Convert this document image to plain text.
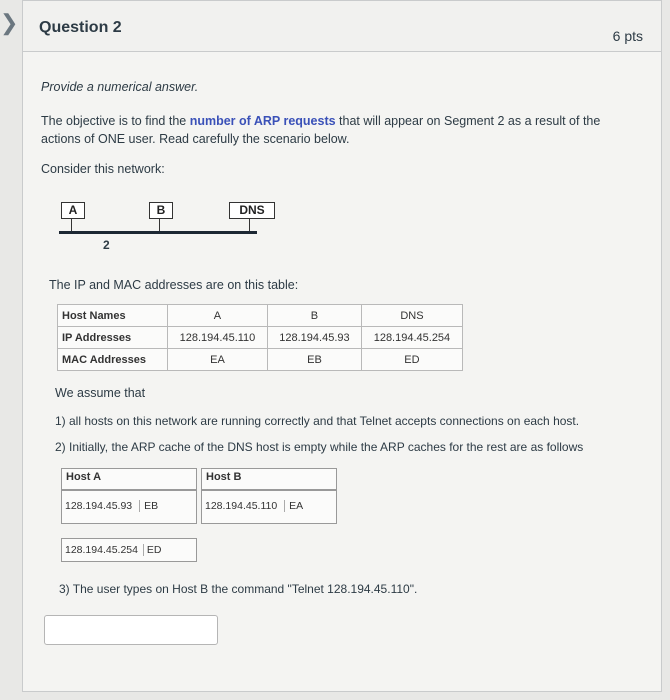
❯ Question 2	6 pts
Provide a numerical answer.
The objective is to find the number of ARP requests that will appear on Segment 2 as a result of the
actions of ONE user. Read carefully the scenario below.
Consider this network:
A	B	DNS
2
The IP and MAC addresses are on this table:
Host Names	A	B	DNS
IP Addresses	128.194.45.110	128.194.45.93	128.194.45.254
MAC Addresses	EA	EB	ED
We assume that
1) all hosts on this network are running correctly and that Telnet accepts connections on each host.
2) Initially, the ARP cache of the DNS host is empty while the ARP caches for the rest are as follows
Host A
128.194.45.93 EB
Host B
128.194.45.110 EA
128.194.45.254 ED
3) The user types on Host B the command "Telnet 128.194.45.110".
